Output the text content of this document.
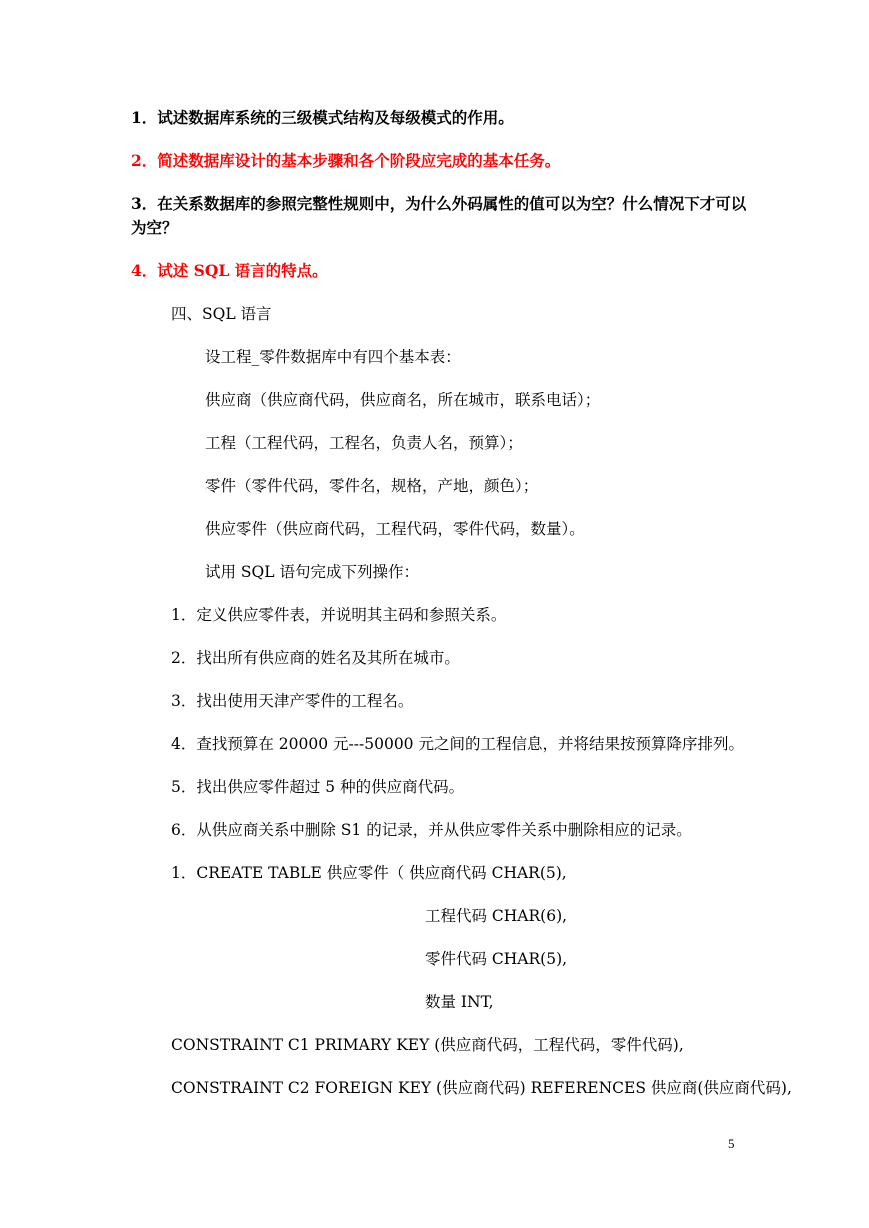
1．试述数据库系统的三级模式结构及每级模式的作用。
2．简述数据库设计的基本步骤和各个阶段应完成的基本任务。
3．在关系数据库的参照完整性规则中，为什么外码属性的值可以为空？什么情况下才可以
为空？
4．试述 SQL 语言的特点。
四、SQL 语言
设工程_零件数据库中有四个基本表：
供应商（供应商代码，供应商名，所在城市，联系电话）；
工程（工程代码，工程名，负责人名，预算）；
零件（零件代码，零件名，规格，产地，颜色）；
供应零件（供应商代码，工程代码，零件代码，数量）。
试用 SQL 语句完成下列操作：
1．定义供应零件表，并说明其主码和参照关系。
2．找出所有供应商的姓名及其所在城市。
3．找出使用天津产零件的工程名。
4．查找预算在 20000 元---50000 元之间的工程信息，并将结果按预算降序排列。
5．找出供应零件超过 5 种的供应商代码。
6．从供应商关系中删除 S1 的记录，并从供应零件关系中删除相应的记录。
1．CREATE TABLE 供应零件（ 供应商代码 CHAR(5),
工程代码 CHAR(6),
零件代码 CHAR(5),
数量 INT,
CONSTRAINT C1 PRIMARY KEY (供应商代码，工程代码，零件代码),
CONSTRAINT C2 FOREIGN KEY (供应商代码) REFERENCES 供应商(供应商代码),
5
